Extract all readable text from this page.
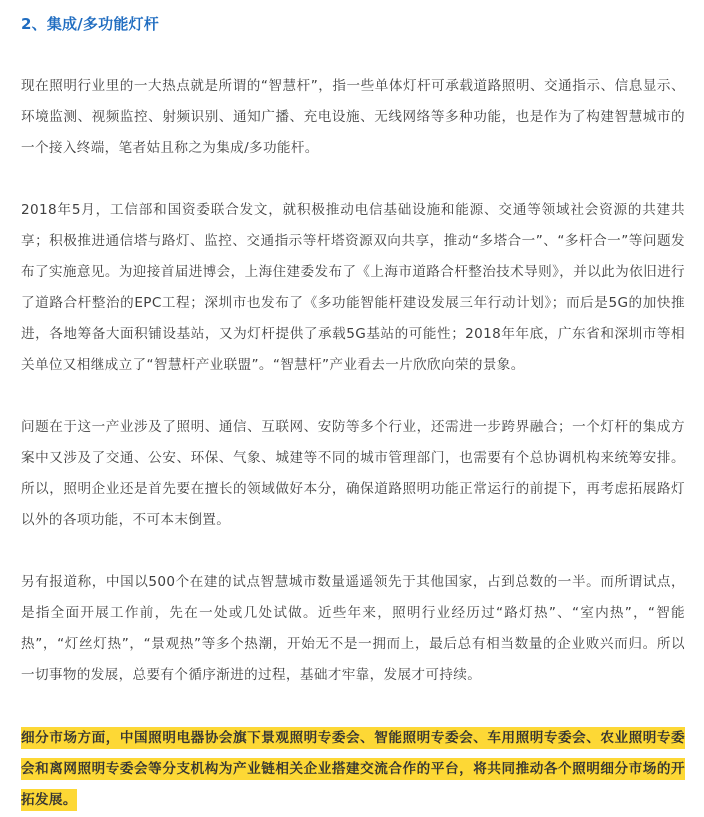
2、集成/多功能灯杆

现在照明行业里的一大热点就是所谓的“智慧杆”，指一些单体灯杆可承载道路照明、交通指示、信息显示、环境监测、视频监控、射频识别、通知广播、充电设施、无线网络等多种功能，也是作为了构建智慧城市的一个接入终端，笔者姑且称之为集成/多功能杆。

2018年5月，工信部和国资委联合发文，就积极推动电信基础设施和能源、交通等领域社会资源的共建共享；积极推进通信塔与路灯、监控、交通指示等杆塔资源双向共享，推动“多塔合一”、“多杆合一”等问题发布了实施意见。为迎接首届进博会，上海住建委发布了《上海市道路合杆整治技术导则》，并以此为依旧进行了道路合杆整治的EPC工程；深圳市也发布了《多功能智能杆建设发展三年行动计划》；而后是5G的加快推进，各地筹备大面积铺设基站，又为灯杆提供了承载5G基站的可能性；2018年年底，广东省和深圳市等相关单位又相继成立了“智慧杆产业联盟”。“智慧杆”产业看去一片欣欣向荣的景象。

问题在于这一产业涉及了照明、通信、互联网、安防等多个行业，还需进一步跨界融合；一个灯杆的集成方案中又涉及了交通、公安、环保、气象、城建等不同的城市管理部门，也需要有个总协调机构来统筹安排。所以，照明企业还是首先要在擅长的领域做好本分，确保道路照明功能正常运行的前提下，再考虑拓展路灯以外的各项功能，不可本末倒置。

另有报道称，中国以500个在建的试点智慧城市数量遥遥领先于其他国家，占到总数的一半。而所谓试点，是指全面开展工作前，先在一处或几处试做。近些年来，照明行业经历过“路灯热”、“室内热”，“智能热”，“灯丝灯热”，“景观热”等多个热潮，开始无不是一拥而上，最后总有相当数量的企业败兴而归。所以一切事物的发展，总要有个循序渐进的过程，基础才牢靠，发展才可持续。

细分市场方面，中国照明电器协会旗下景观照明专委会、智能照明专委会、车用照明专委会、农业照明专委会和离网照明专委会等分支机构为产业链相关企业搭建交流合作的平台，将共同推动各个照明细分市场的开拓发展。
